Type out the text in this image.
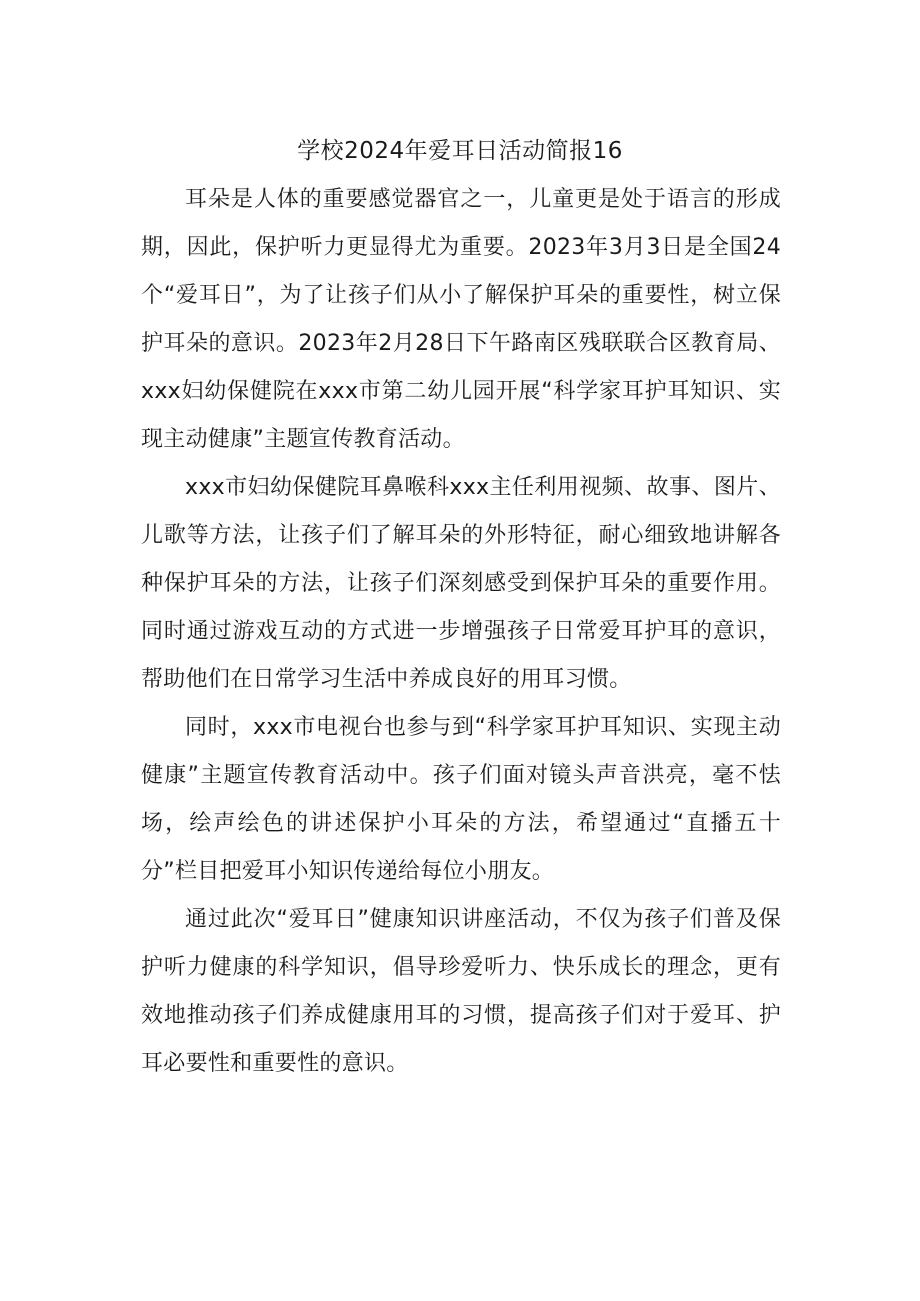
学校2024年爱耳日活动简报16

耳朵是人体的重要感觉器官之一，儿童更是处于语言的形成期，因此，保护听力更显得尤为重要。2023年3月3日是全国24个“爱耳日”，为了让孩子们从小了解保护耳朵的重要性，树立保护耳朵的意识。2023年2月28日下午路南区残联联合区教育局、xxx妇幼保健院在xxx市第二幼儿园开展“科学家耳护耳知识、实现主动健康”主题宣传教育活动。

xxx市妇幼保健院耳鼻喉科xxx主任利用视频、故事、图片、儿歌等方法，让孩子们了解耳朵的外形特征，耐心细致地讲解各种保护耳朵的方法，让孩子们深刻感受到保护耳朵的重要作用。同时通过游戏互动的方式进一步增强孩子日常爱耳护耳的意识，帮助他们在日常学习生活中养成良好的用耳习惯。

同时，xxx市电视台也参与到“科学家耳护耳知识、实现主动健康”主题宣传教育活动中。孩子们面对镜头声音洪亮，毫不怯场，绘声绘色的讲述保护小耳朵的方法，希望通过“直播五十分”栏目把爱耳小知识传递给每位小朋友。

通过此次“爱耳日”健康知识讲座活动，不仅为孩子们普及保护听力健康的科学知识，倡导珍爱听力、快乐成长的理念，更有效地推动孩子们养成健康用耳的习惯，提高孩子们对于爱耳、护耳必要性和重要性的意识。
